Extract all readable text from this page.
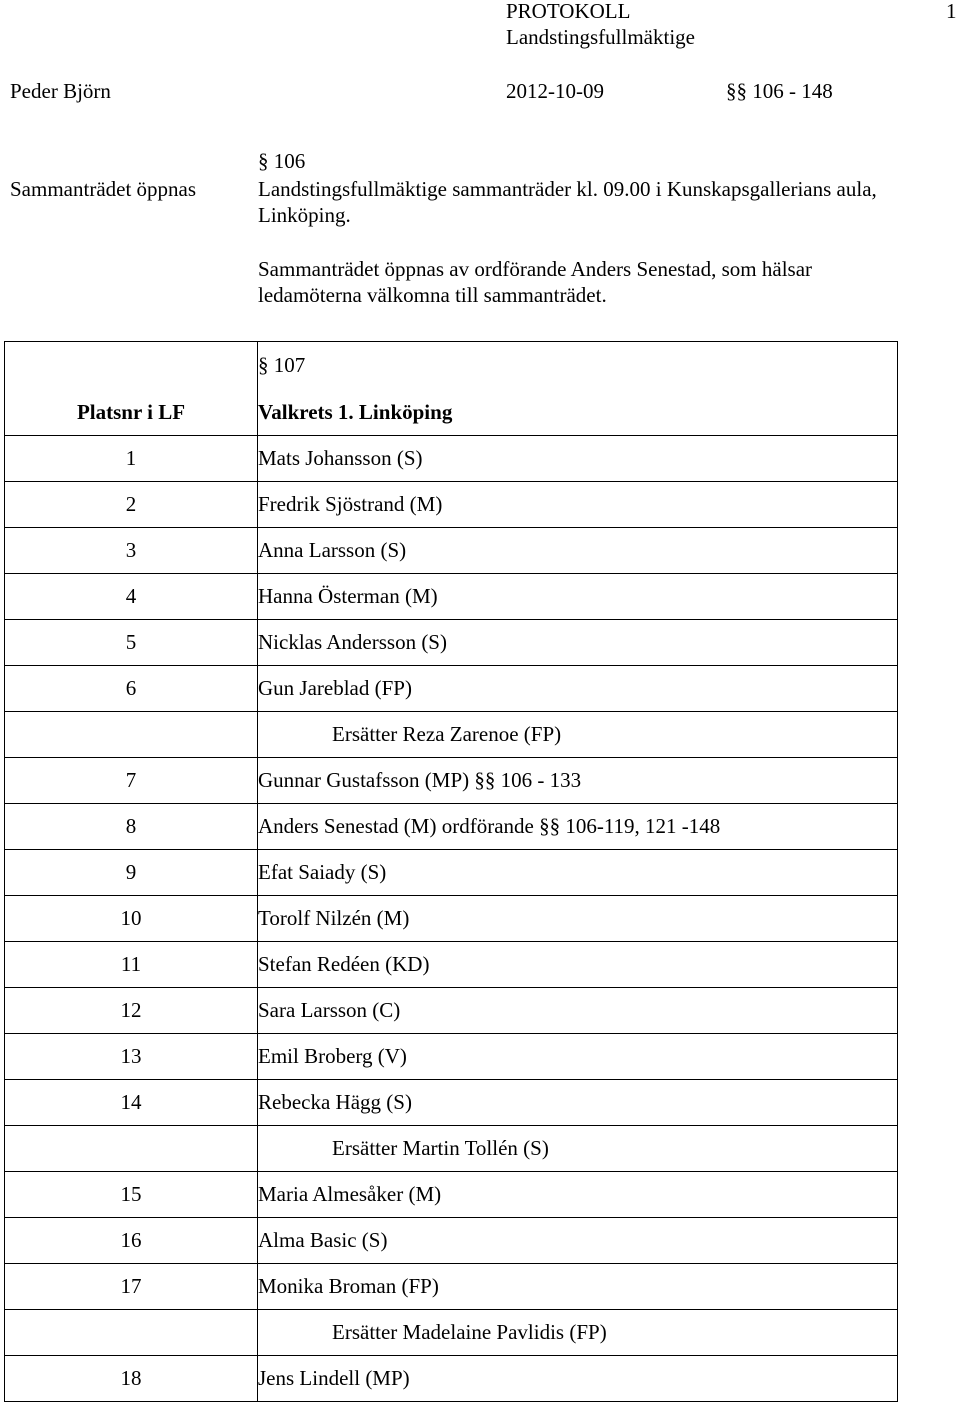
PROTOKOLL
Landstingsfullmäktige
1
Peder Björn	2012-10-09	§§ 106 - 148
§ 106
Sammanträdet öppnas	Landstingsfullmäktige sammanträder kl. 09.00 i Kunskapsgallerians aula, Linköping.
Sammanträdet öppnas av ordförande Anders Senestad, som hälsar ledamöterna välkomna till sammanträdet.
	§ 107
Platsnr i LF	Valkrets 1. Linköping
1	Mats Johansson (S)
2	Fredrik Sjöstrand (M)
3	Anna Larsson (S)
4	Hanna Österman (M)
5	Nicklas Andersson (S)
6	Gun Jareblad (FP)
	Ersätter Reza Zarenoe (FP)
7	Gunnar Gustafsson (MP) §§ 106 - 133
8	Anders Senestad (M) ordförande §§ 106-119, 121 -148
9	Efat Saiady (S)
10	Torolf Nilzén (M)
11	Stefan Redéen (KD)
12	Sara Larsson (C)
13	Emil Broberg (V)
14	Rebecka Hägg (S)
	Ersätter Martin Tollén (S)
15	Maria Almesåker (M)
16	Alma Basic (S)
17	Monika Broman (FP)
	Ersätter Madelaine Pavlidis (FP)
18	Jens Lindell (MP)
